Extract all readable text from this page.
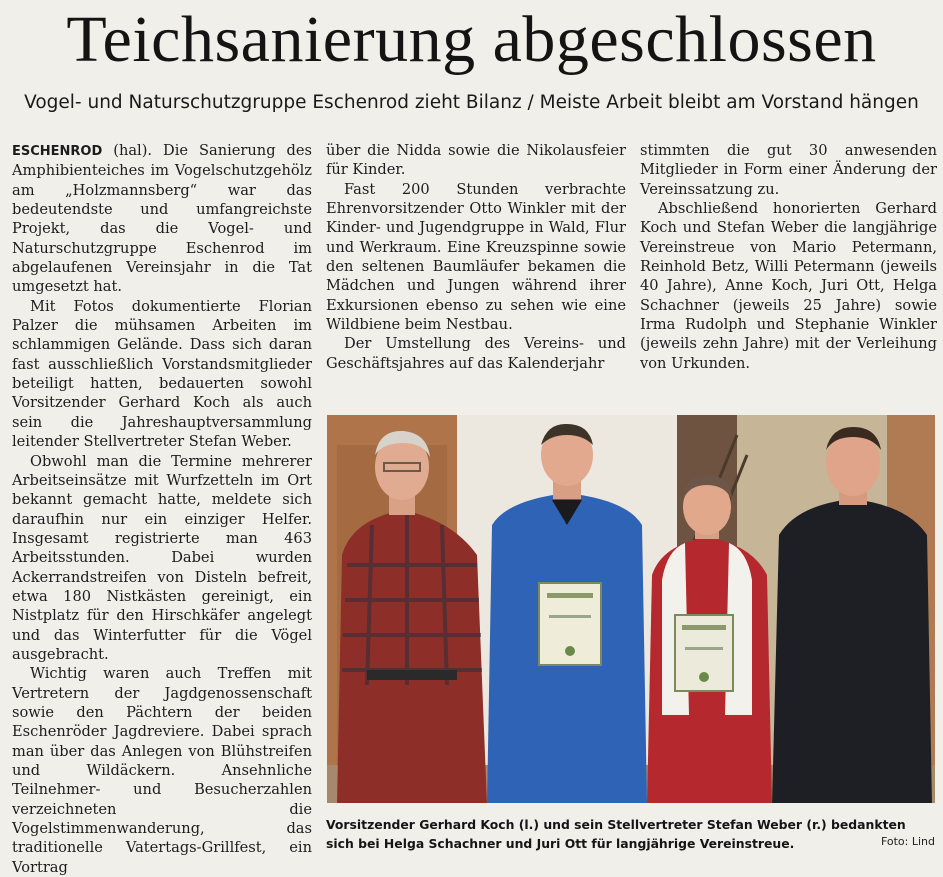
Teichsanierung abgeschlossen
Vogel- und Naturschutzgruppe Eschenrod zieht Bilanz / Meiste Arbeit bleibt am Vorstand hängen

ESCHENROD (hal). Die Sanierung des Amphibienteiches im Vogelschutzgehölz am „Holzmannsberg“ war das bedeutendste und umfangreichste Projekt, das die Vogel- und Naturschutzgruppe Eschenrod im abgelaufenen Vereinsjahr in die Tat umgesetzt hat.

Mit Fotos dokumentierte Florian Palzer die mühsamen Arbeiten im schlammigen Gelände. Dass sich daran fast ausschließlich Vorstandsmitglieder beteiligt hatten, bedauerten sowohl Vorsitzender Gerhard Koch als auch sein die Jahreshauptversammlung leitender Stellvertreter Stefan Weber.

Obwohl man die Termine mehrerer Arbeitseinsätze mit Wurfzetteln im Ort bekannt gemacht hatte, meldete sich daraufhin nur ein einziger Helfer. Insgesamt registrierte man 463 Arbeitsstunden. Dabei wurden Ackerrandstreifen von Disteln befreit, etwa 180 Nistkästen gereinigt, ein Nistplatz für den Hirschkäfer angelegt und das Winterfutter für die Vögel ausgebracht.

Wichtig waren auch Treffen mit Vertretern der Jagdgenossenschaft sowie den Pächtern der beiden Eschenröder Jagdreviere. Dabei sprach man über das Anlegen von Blühstreifen und Wildäckern. Ansehnliche Teilnehmer- und Besucherzahlen verzeichneten die Vogelstimmenwanderung, das traditionelle Vatertags-Grillfest, ein Vortrag

über die Nidda sowie die Nikolausfeier für Kinder.

Fast 200 Stunden verbrachte Ehrenvorsitzender Otto Winkler mit der Kinder- und Jugendgruppe in Wald, Flur und Werkraum. Eine Kreuzspinne sowie den seltenen Baumläufer bekamen die Mädchen und Jungen während ihrer Exkursionen ebenso zu sehen wie eine Wildbiene beim Nestbau.

Der Umstellung des Vereins- und Geschäftsjahres auf das Kalenderjahr

stimmten die gut 30 anwesenden Mitglieder in Form einer Änderung der Vereinssatzung zu.

Abschließend honorierten Gerhard Koch und Stefan Weber die langjährige Vereinstreue von Mario Petermann, Reinhold Betz, Willi Petermann (jeweils 40 Jahre), Anne Koch, Juri Ott, Helga Schachner (jeweils 25 Jahre) sowie Irma Rudolph und Stephanie Winkler (jeweils zehn Jahre) mit der Verleihung von Urkunden.

Vorsitzender Gerhard Koch (l.) und sein Stellvertreter Stefan Weber (r.) bedankten
sich bei Helga Schachner und Juri Ott für langjährige Vereinstreue.	Foto: Lind
